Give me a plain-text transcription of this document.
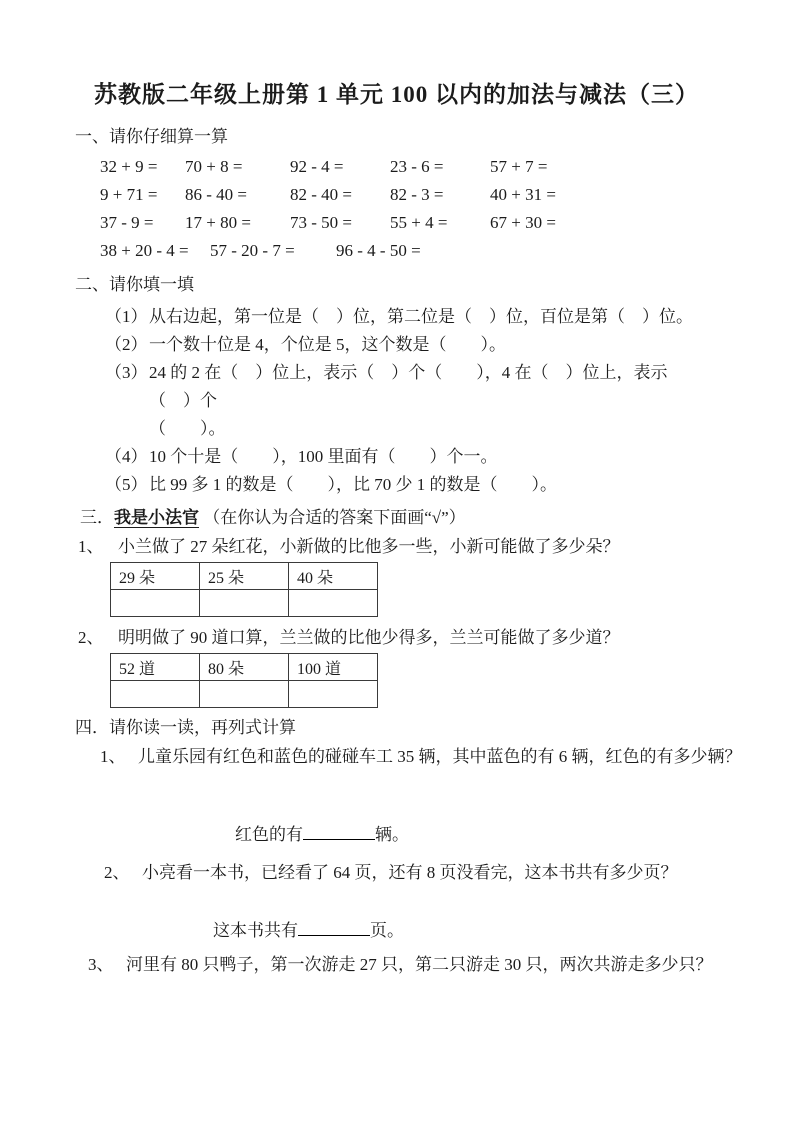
苏教版二年级上册第 1 单元 100 以内的加法与减法（三）
一、请你仔细算一算
32 + 9 =	70 + 8 =	92 - 4 =	23 - 6 =	57 + 7 =
9 + 71 =	86 - 40 =	82 - 40 =	82 - 3 =	40 + 31 =
37 - 9 =	17 + 80 =	73 - 50 =	55 + 4 =	67 + 30 =
38 + 20 - 4 =	57 - 20 - 7 =	96 - 4 - 50 =
二、请你填一填
（1） 从右边起，第一位是（　）位，第二位是（　）位，百位是第（　）位。
（2） 一个数十位是 4，个位是 5，这个数是（　　）。
（3） 24 的 2 在（　）位上，表示（　）个（　　），4 在（　）位上，表示（　）个
（　　）。
（4） 10 个十是（　　），100 里面有（　　）个一。
（5） 比 99 多 1 的数是（　　），比 70 少 1 的数是（　　）。
三．我是小法官 （在你认为合适的答案下面画“√”）
1、 小兰做了 27 朵红花，小新做的比他多一些，小新可能做了多少朵？
29 朵	25 朵	40 朵

2、 明明做了 90 道口算，兰兰做的比他少得多，兰兰可能做了多少道？
52 道	80 朵	100 道

四．请你读一读，再列式计算
1、 儿童乐园有红色和蓝色的碰碰车工 35 辆，其中蓝色的有 6 辆，红色的有多少辆？
红色的有	辆。
2、 小亮看一本书，已经看了 64 页，还有 8 页没看完，这本书共有多少页？
这本书共有	页。
3、 河里有 80 只鸭子，第一次游走 27 只，第二只游走 30 只，两次共游走多少只？
